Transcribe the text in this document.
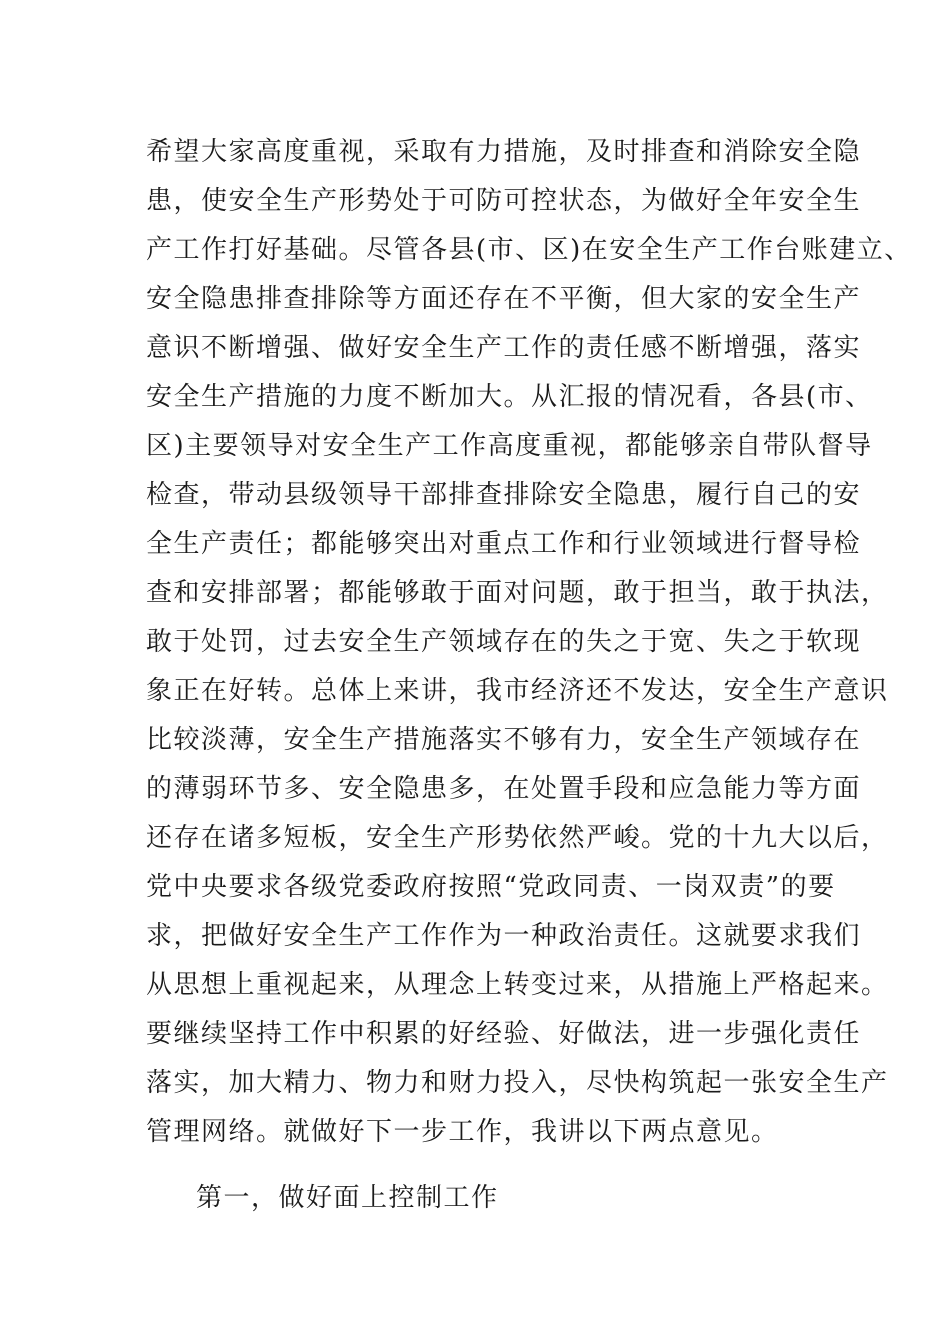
希望大家高度重视，采取有力措施，及时排查和消除安全隐
患，使安全生产形势处于可防可控状态，为做好全年安全生
产工作打好基础。尽管各县(市、区)在安全生产工作台账建立、
安全隐患排查排除等方面还存在不平衡，但大家的安全生产
意识不断增强、做好安全生产工作的责任感不断增强，落实
安全生产措施的力度不断加大。从汇报的情况看，各县(市、
区)主要领导对安全生产工作高度重视，都能够亲自带队督导
检查，带动县级领导干部排查排除安全隐患，履行自己的安
全生产责任；都能够突出对重点工作和行业领域进行督导检
查和安排部署；都能够敢于面对问题，敢于担当，敢于执法，
敢于处罚，过去安全生产领域存在的失之于宽、失之于软现
象正在好转。总体上来讲，我市经济还不发达，安全生产意识
比较淡薄，安全生产措施落实不够有力，安全生产领域存在
的薄弱环节多、安全隐患多，在处置手段和应急能力等方面
还存在诸多短板，安全生产形势依然严峻。党的十九大以后，
党中央要求各级党委政府按照“党政同责、一岗双责”的要
求，把做好安全生产工作作为一种政治责任。这就要求我们
从思想上重视起来，从理念上转变过来，从措施上严格起来。
要继续坚持工作中积累的好经验、好做法，进一步强化责任
落实，加大精力、物力和财力投入，尽快构筑起一张安全生产
管理网络。就做好下一步工作，我讲以下两点意见。
第一，做好面上控制工作
